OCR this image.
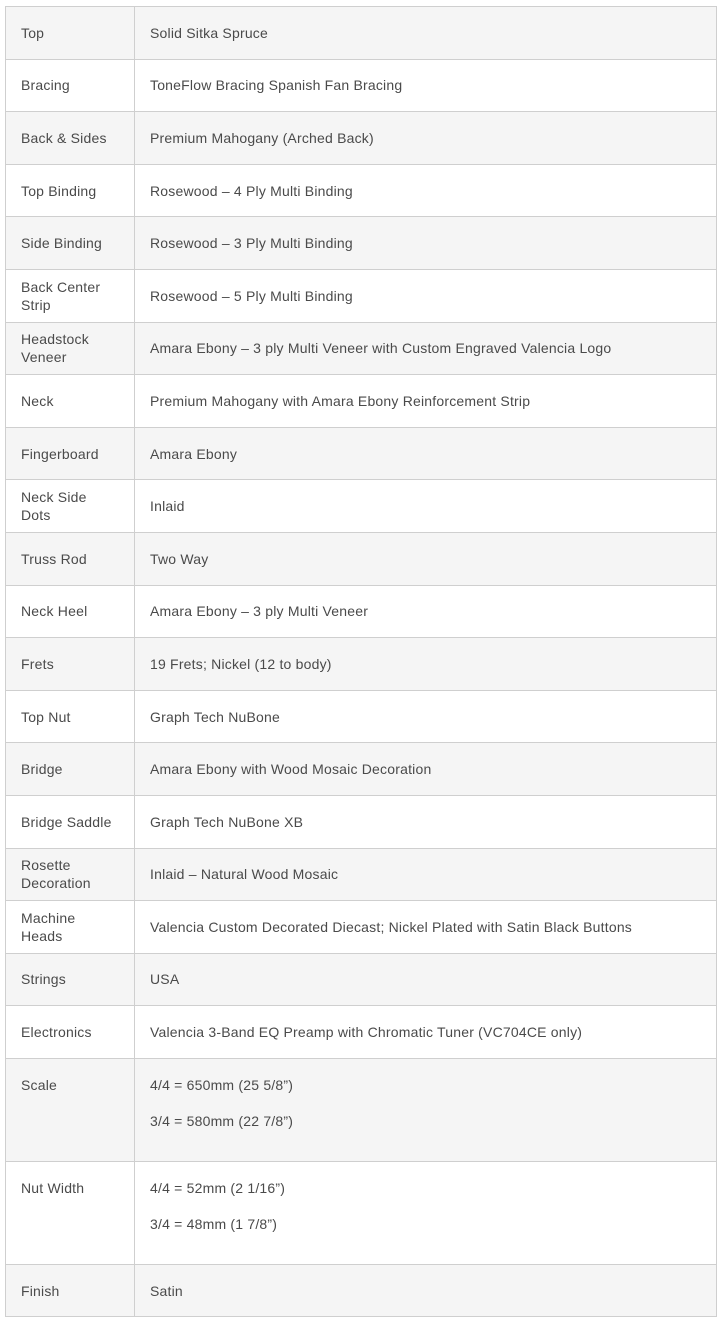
Top	Solid Sitka Spruce

Bracing	ToneFlow Bracing Spanish Fan Bracing

Back & Sides	Premium Mahogany (Arched Back)

Top Binding	Rosewood – 4 Ply Multi Binding

Side Binding	Rosewood – 3 Ply Multi Binding

Back Center Strip	Rosewood – 5 Ply Multi Binding

Headstock Veneer	Amara Ebony – 3 ply Multi Veneer with Custom Engraved Valencia Logo

Neck	Premium Mahogany with Amara Ebony Reinforcement Strip

Fingerboard	Amara Ebony

Neck Side Dots	Inlaid

Truss Rod	Two Way

Neck Heel	Amara Ebony – 3 ply Multi Veneer

Frets	19 Frets; Nickel (12 to body)

Top Nut	Graph Tech NuBone

Bridge	Amara Ebony with Wood Mosaic Decoration

Bridge Saddle	Graph Tech NuBone XB

Rosette Decoration	Inlaid – Natural Wood Mosaic

Machine Heads	Valencia Custom Decorated Diecast; Nickel Plated with Satin Black Buttons

Strings	USA

Electronics	Valencia 3-Band EQ Preamp with Chromatic Tuner (VC704CE only)

Scale	4/4 = 650mm (25 5/8”)
3/4 = 580mm (22 7/8”)

Nut Width	4/4 = 52mm (2 1/16”)
3/4 = 48mm (1 7/8”)

Finish	Satin
